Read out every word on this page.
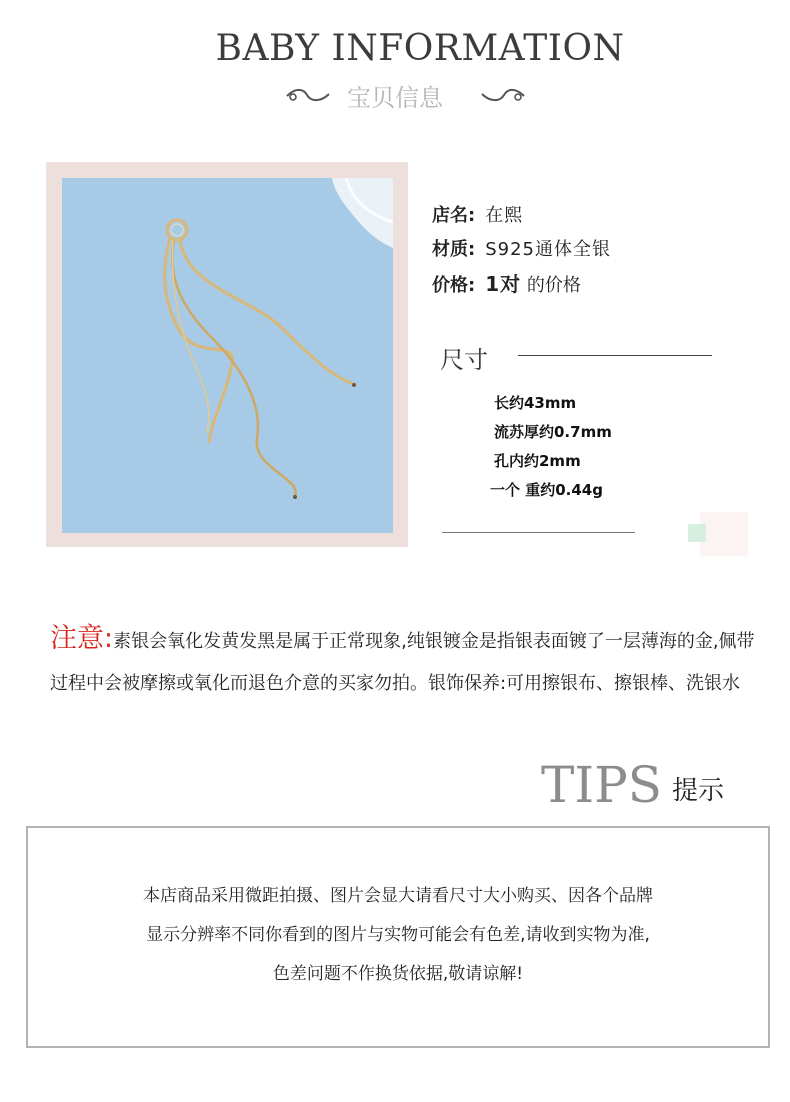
BABY INFORMATION
宝贝信息
店名: 在熙
材质: S925通体全银
价格: 1对 的价格
尺寸
长约43mm
流苏厚约0.7mm
孔内约2mm
一个 重约0.44g
注意:素银会氧化发黄发黑是属于正常现象,纯银镀金是指银表面镀了一层薄海的金,佩带过程中会被摩擦或氧化而退色介意的买家勿拍。银饰保养:可用擦银布、擦银棒、洗银水
TIPS 提示
本店商品采用微距拍摄、图片会显大请看尺寸大小购买、因各个品牌
显示分辨率不同你看到的图片与实物可能会有色差,请收到实物为准,
色差问题不作换货依据,敬请谅解!
